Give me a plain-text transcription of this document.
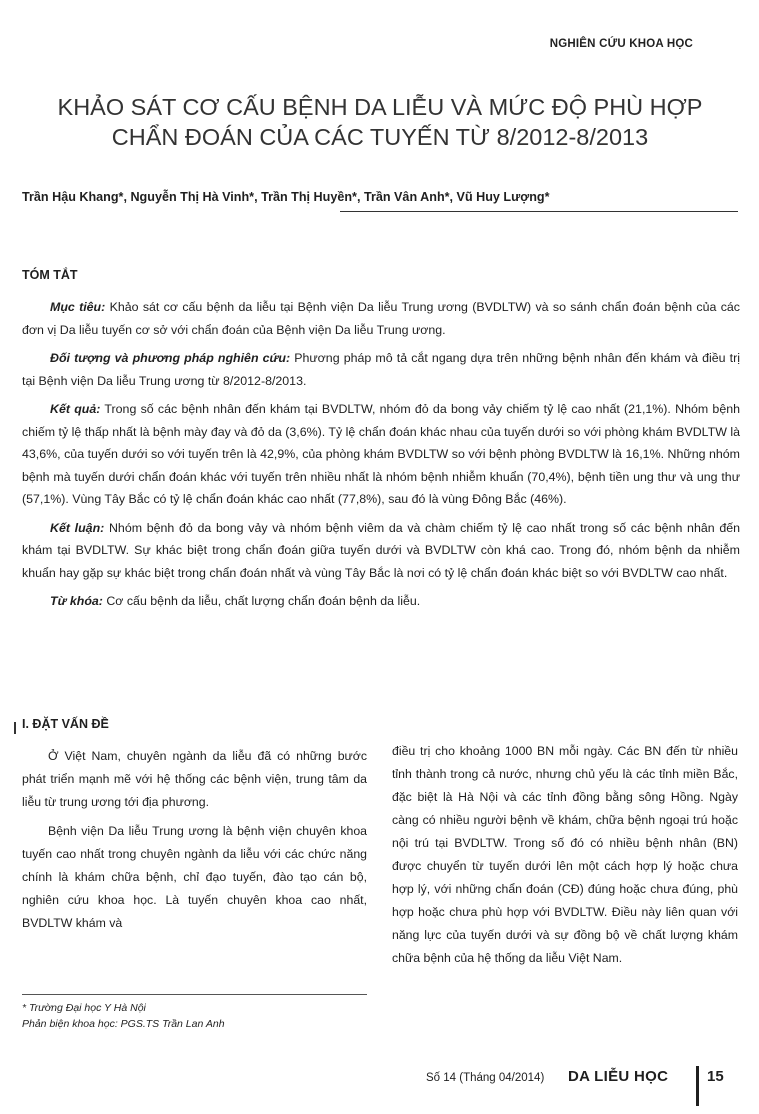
NGHIÊN CỨU KHOA HỌC
KHẢO SÁT CƠ CẤU BỆNH DA LIỄU VÀ MỨC ĐỘ PHÙ HỢP
CHẨN ĐOÁN CỦA CÁC TUYẾN TỪ 8/2012-8/2013
Trần Hậu Khang*, Nguyễn Thị Hà Vinh*, Trần Thị Huyền*, Trần Vân Anh*, Vũ Huy Lượng*
TÓM TẮT

Mục tiêu: Khảo sát cơ cấu bệnh da liễu tại Bệnh viện Da liễu Trung ương (BVDLTW) và so sánh chẩn đoán bệnh của các đơn vị Da liễu tuyến cơ sở với chẩn đoán của Bệnh viện Da liễu Trung ương.

Đối tượng và phương pháp nghiên cứu: Phương pháp mô tả cắt ngang dựa trên những bệnh nhân đến khám và điều trị tại Bệnh viện Da liễu Trung ương từ 8/2012-8/2013.

Kết quả: Trong số các bệnh nhân đến khám tại BVDLTW, nhóm đỏ da bong vảy chiếm tỷ lệ cao nhất (21,1%). Nhóm bệnh chiếm tỷ lệ thấp nhất là bệnh mày đay và đỏ da (3,6%). Tỷ lệ chẩn đoán khác nhau của tuyến dưới so với phòng khám BVDLTW là 43,6%, của tuyến dưới so với tuyến trên là 42,9%, của phòng khám BVDLTW so với bệnh phòng BVDLTW là 16,1%. Những nhóm bệnh mà tuyến dưới chẩn đoán khác với tuyến trên nhiều nhất là nhóm bệnh nhiễm khuẩn (70,4%), bệnh tiền ung thư và ung thư (57,1%). Vùng Tây Bắc có tỷ lệ chẩn đoán khác cao nhất (77,8%), sau đó là vùng Đông Bắc (46%).

Kết luận: Nhóm bệnh đỏ da bong vảy và nhóm bệnh viêm da và chàm chiếm tỷ lệ cao nhất trong số các bệnh nhân đến khám tại BVDLTW. Sự khác biệt trong chẩn đoán giữa tuyến dưới và BVDLTW còn khá cao. Trong đó, nhóm bệnh da nhiễm khuẩn hay gặp sự khác biệt trong chẩn đoán nhất và vùng Tây Bắc là nơi có tỷ lệ chẩn đoán khác biệt so với BVDLTW cao nhất.

Từ khóa: Cơ cấu bệnh da liễu, chất lượng chẩn đoán bệnh da liễu.

I. ĐẶT VẤN ĐỀ

Ở Việt Nam, chuyên ngành da liễu đã có những bước phát triển mạnh mẽ với hệ thống các bệnh viện, trung tâm da liễu từ trung ương tới địa phương.

Bệnh viện Da liễu Trung ương là bệnh viện chuyên khoa tuyến cao nhất trong chuyên ngành da liễu với các chức năng chính là khám chữa bệnh, chỉ đạo tuyến, đào tạo cán bộ, nghiên cứu khoa học. Là tuyến chuyên khoa cao nhất, BVDLTW khám và

điều trị cho khoảng 1000 BN mỗi ngày. Các BN đến từ nhiều tỉnh thành trong cả nước, nhưng chủ yếu là các tỉnh miền Bắc, đặc biệt là Hà Nội và các tỉnh đồng bằng sông Hồng. Ngày càng có nhiều người bệnh về khám, chữa bệnh ngoại trú hoặc nội trú tại BVDLTW. Trong số đó có nhiều bệnh nhân (BN) được chuyển từ tuyến dưới lên một cách hợp lý hoặc chưa hợp lý, với những chẩn đoán (CĐ) đúng hoặc chưa đúng, phù hợp hoặc chưa phù hợp với BVDLTW. Điều này liên quan với năng lực của tuyến dưới và sự đồng bộ về chất lượng khám chữa bệnh của hệ thống da liễu Việt Nam.

* Trường Đại học Y Hà Nội
Phản biện khoa học: PGS.TS Trần Lan Anh
Số 14 (Tháng 04/2014) DA LIỄU HỌC	15
